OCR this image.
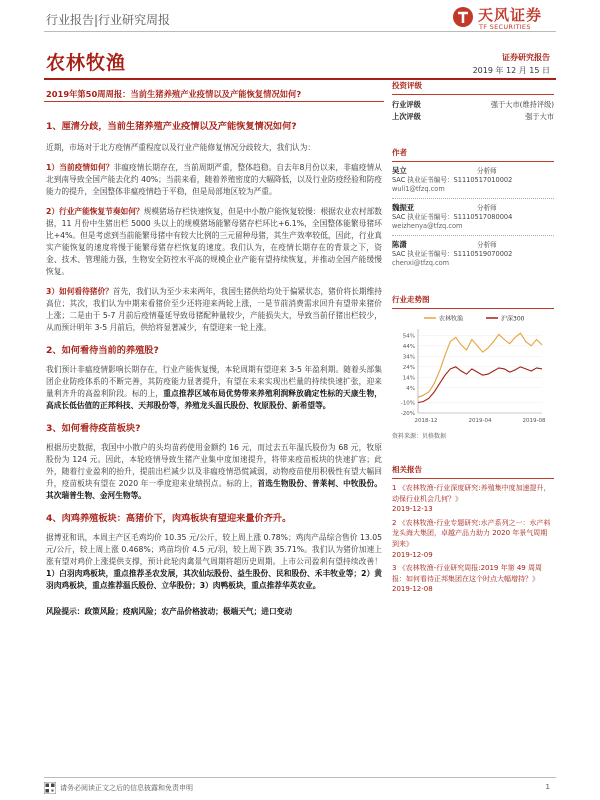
行业报告|行业研究周报	天风证券
TF SECURITIES
农林牧渔	证券研究报告
2019 年 12 月 15 日
2019年第50周周报：当前生猪养殖产业疫情以及产能恢复情况如何?
1、厘清分歧，当前生猪养殖产业疫情以及产能恢复情况如何?

近期，市场对于北方疫情严重程度以及行业产能修复情况分歧较大，我们认为：

1）当前疫情如何？非瘟疫情长期存在，当前周期严重，整体趋稳。自去年8月份以来，非瘟疫情从北到南导致全国产能去化约 40%；当前来看，随着养殖密度的大幅降低，以及行业防疫经验和防疫能力的提升，全国整体非瘟疫情趋于平稳，但是局部地区较为严重。

2）行业产能恢复节奏如何？规模猪场存栏快速恢复，但是中小散户能恢复较慢：根据农业农村部数据，11 月份中生猪出栏 5000 头以上的规模猪场能繁母猪存栏环比+6.1%，全国整体能繁母猪环比+4%。但是考虑到当前能繁母猪中有较大比例的三元留种母猪，其生产效率较低，因此，行业真实产能恢复的速度将慢于能繁母猪存栏恢复的速度。我们认为，在疫情长期存在的背景之下，资金、技术、管理能力强，生物安全防控水平高的规模企业产能有望持续恢复，并推动全国产能缓慢恢复。

3）如何看待猪价？首先，我们认为至少未来两年，我国生猪供给均处于偏紧状态，猪价将长期维持高位；其次，我们认为中期来看猪价至少还将迎来两轮上涨，一是节前消费需求回升有望带来猪价上涨；二是由于 5-7 月前后疫情蔓延导致母猪配种量较少，产能损失大，导致当前仔猪出栏较少，从而预计明年 3-5 月前后，供给将显著减少，有望迎来一轮上涨。

2、如何看待当前的养殖股?

我们预计非瘟疫情影响长期存在，行业产能恢复慢，本轮周期有望迎来 3-5 年盈利期。随着头部集团企业防疫体系的不断完善，其防疫能力显著提升，有望在未来实现出栏量的持续快速扩张，迎来量利齐升的高盈利阶段。标的上，重点推荐区域布局优势带来养殖利润释放确定性标的天康生物，高成长低估值的正邦科技、天邦股份等，养殖龙头温氏股份、牧原股份、新希望等。

3、如何看待疫苗板块?

根据历史数据，我国中小散户的头均苗药使用金额约 16 元，而过去五年温氏股份为 68 元，牧原股份为 124 元。因此，本轮疫情导致生猪产业集中度加速提升，将带来疫苗板块的快速扩容；此外，随着行业盈利的抬升，提前出栏减少以及非瘟疫情恐慌减弱，动物疫苗使用积极性有望大幅回升，疫苗板块有望在 2020 年一季度迎来业绩拐点。标的上，首选生物股份、普莱柯、中牧股份。其次瑞普生物、金河生物等。

4、肉鸡养殖板块：高猪价下，肉鸡板块有望迎来量价齐升。

据博亚和讯，本周主产区毛鸡均价 10.35 元/公斤，较上周上涨 0.78%；鸡肉产品综合售价 13.05 元/公斤，较上周上涨 0.468%；鸡苗均价 4.5 元/羽，较上周下跌 35.71%。我们认为猪价加速上涨有望对鸡价上涨提供支撑，预计此轮肉禽景气周期将超历史周期。上市公司盈利有望持续改善！1）白羽肉鸡板块，重点推荐圣农发展，其次仙坛股份、益生股份、民和股份、禾丰牧业等；2）黄羽肉鸡板块，重点推荐温氏股份、立华股份；3）肉鸭板块，重点推荐华英农业。

风险提示：政策风险；疫病风险；农产品价格波动；极端天气；进口变动

投资评级
行业评级	强于大市(维持评级)
上次评级	强于大市
作者
吴立	分析师
SAC 执业证书编号：S1110517010002
wuli1@tfzq.com
魏振亚	分析师
SAC 执业证书编号：S1110517080004
weizhenya@tfzq.com
陈潇	分析师
SAC 执业证书编号：S1110519070002
chenxi@tfzq.com
行业走势图
农林牧渔	沪深300
-20%
-10%
4%
14%
24%
34%
44%
54%
2018-12	2019-04	2019-08
资料来源：贝格数据
相关报告
1 《农林牧渔-行业深度研究:养殖集中度加速提升，动保行业机会几何？》
2019-12-13
2 《农林牧渔-行业专题研究:水产系列之一：水产料龙头海大集团，卓越产品力助力 2020 年景气周期到来》
2019-12-09
3 《农林牧渔-行业研究周报:2019 年第 49 周周报：如何看待正邦集团在这个时点大幅增持？》
2019-12-08
请务必阅读正文之后的信息披露和免责申明	1
